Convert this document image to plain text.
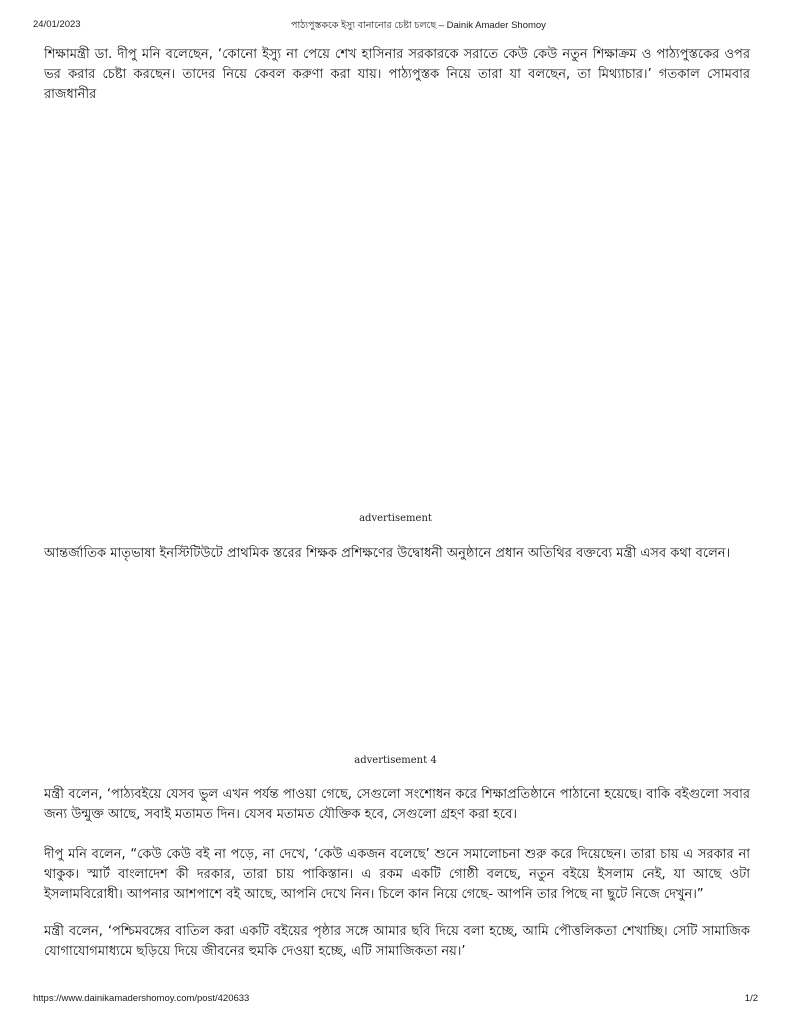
24/01/2023	পাঠ্যপুস্তককে ইস্যু বানানোর চেষ্টা চলছে – Dainik Amader Shomoy

শিক্ষামন্ত্রী ডা. দীপু মনি বলেছেন, ‘কোনো ইস্যু না পেয়ে শেখ হাসিনার সরকারকে সরাতে কেউ কেউ নতুন শিক্ষাক্রম ও পাঠ্যপুস্তকের ওপর ভর করার চেষ্টা করছেন। তাদের নিয়ে কেবল করুণা করা যায়। পাঠ্যপুস্তক নিয়ে তারা যা বলছেন, তা মিথ্যাচার।’ গতকাল সোমবার রাজধানীর

advertisement

আন্তর্জাতিক মাতৃভাষা ইনস্টিটিউটে প্রাথমিক স্তরের শিক্ষক প্রশিক্ষণের উদ্বোধনী অনুষ্ঠানে প্রধান অতিথির বক্তব্যে মন্ত্রী এসব কথা বলেন।

advertisement 4

মন্ত্রী বলেন, ‘পাঠ্যবইয়ে যেসব ভুল এখন পর্যন্ত পাওয়া গেছে, সেগুলো সংশোধন করে শিক্ষাপ্রতিষ্ঠানে পাঠানো হয়েছে। বাকি বইগুলো সবার জন্য উন্মুক্ত আছে, সবাই মতামত দিন। যেসব মতামত যৌক্তিক হবে, সেগুলো গ্রহণ করা হবে।

দীপু মনি বলেন, “কেউ কেউ বই না পড়ে, না দেখে, ‘কেউ একজন বলেছে’ শুনে সমালোচনা শুরু করে দিয়েছেন। তারা চায় এ সরকার না থাকুক। স্মার্ট বাংলাদেশ কী দরকার, তারা চায় পাকিস্তান। এ রকম একটি গোষ্ঠী বলছে, নতুন বইয়ে ইসলাম নেই, যা আছে ওটা ইসলামবিরোধী। আপনার আশপাশে বই আছে, আপনি দেখে নিন। চিলে কান নিয়ে গেছে- আপনি তার পিছে না ছুটে নিজে দেখুন।”

মন্ত্রী বলেন, ‘পশ্চিমবঙ্গের বাতিল করা একটি বইয়ের পৃষ্ঠার সঙ্গে আমার ছবি দিয়ে বলা হচ্ছে, আমি পৌত্তলিকতা শেখাচ্ছি। সেটি সামাজিক যোগাযোগমাধ্যমে ছড়িয়ে দিয়ে জীবনের হুমকি দেওয়া হচ্ছে, এটি সামাজিকতা নয়।’

https://www.dainikamadershomoy.com/post/420633	1/2
